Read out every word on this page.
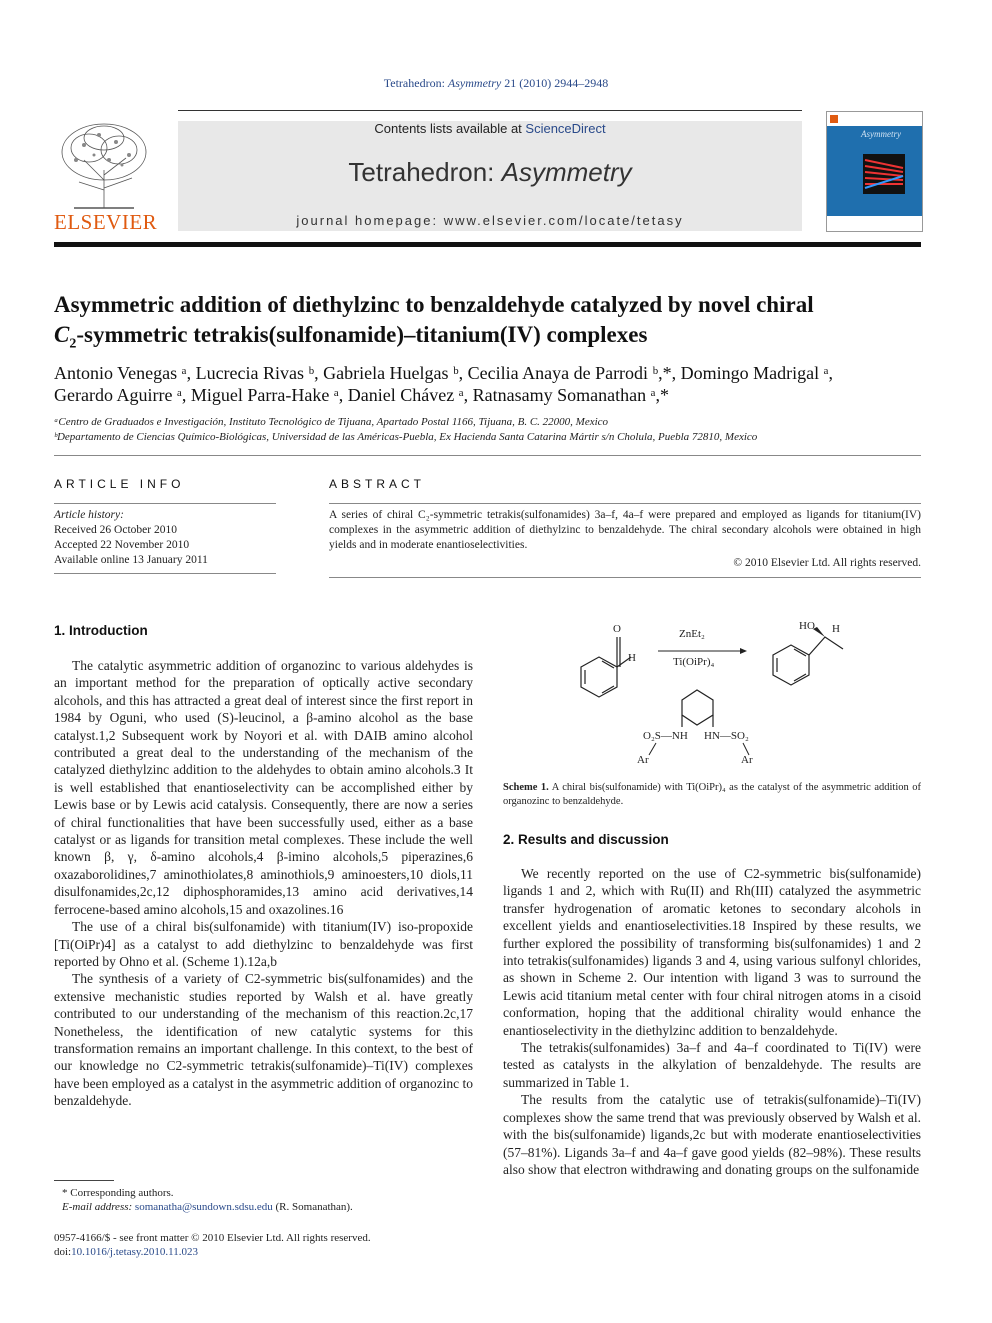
Tetrahedron: Asymmetry 21 (2010) 2944–2948
ELSEVIER
Contents lists available at ScienceDirect
Tetrahedron: Asymmetry
journal homepage: www.elsevier.com/locate/tetasy
Tetrahedron:
Asymmetry
Asymmetric addition of diethylzinc to benzaldehyde catalyzed by novel chiral
$C_2$-symmetric tetrakis(sulfonamide)–titanium(IV) complexes
Antonio Venegas ᵃ, Lucrecia Rivas ᵇ, Gabriela Huelgas ᵇ, Cecilia Anaya de Parrodi ᵇ,*, Domingo Madrigal ᵃ,
Gerardo Aguirre ᵃ, Miguel Parra-Hake ᵃ, Daniel Chávez ᵃ, Ratnasamy Somanathan ᵃ,*
ᵃCentro de Graduados e Investigación, Instituto Tecnológico de Tijuana, Apartado Postal 1166, Tijuana, B. C. 22000, Mexico
ᵇDepartamento de Ciencias Químico-Biológicas, Universidad de las Américas-Puebla, Ex Hacienda Santa Catarina Mártir s/n Cholula, Puebla 72810, Mexico
ARTICLE INFO
Article history:
Received 26 October 2010
Accepted 22 November 2010
Available online 13 January 2011
ABSTRACT
A series of chiral C₂-symmetric tetrakis(sulfonamides) 3a–f, 4a–f were prepared and employed as ligands for titanium(IV) complexes in the asymmetric addition of diethylzinc to benzaldehyde. The chiral secondary alcohols were obtained in high yields and in moderate enantioselectivities.
© 2010 Elsevier Ltd. All rights reserved.
1. Introduction

The catalytic asymmetric addition of organozinc to various aldehydes is an important method for the preparation of optically active secondary alcohols, and this has attracted a great deal of interest since the first report in 1984 by Oguni, who used (S)-leucinol, a β-amino alcohol as the base catalyst.1,2 Subsequent work by Noyori et al. with DAIB amino alcohol contributed a great deal to the understanding of the mechanism of the catalyzed diethylzinc addition to the aldehydes to obtain amino alcohols.3 It is well established that enantioselectivity can be accomplished either by Lewis base or by Lewis acid catalysis. Consequently, there are now a series of chiral functionalities that have been successfully used, either as a base catalyst or as ligands for transition metal complexes. These include the well known β, γ, δ-amino alcohols,4 β-imino alcohols,5 piperazines,6 oxazaborolidines,7 aminothiolates,8 aminothiols,9 aminoesters,10 diols,11 disulfonamides,2c,12 diphosphoramides,13 amino acid derivatives,14 ferrocene-based amino alcohols,15 and oxazolines.16

The use of a chiral bis(sulfonamide) with titanium(IV) iso-propoxide [Ti(OiPr)4] as a catalyst to add diethylzinc to benzaldehyde was first reported by Ohno et al. (Scheme 1).12a,b

The synthesis of a variety of C2-symmetric bis(sulfonamides) and the extensive mechanistic studies reported by Walsh et al. have greatly contributed to our understanding of the mechanism of this reaction.2c,17 Nonetheless, the identification of new catalytic systems for this transformation remains an important challenge. In this context, to the best of our knowledge no C2-symmetric tetrakis(sulfonamide)–Ti(IV) complexes have been employed as a catalyst in the asymmetric addition of organozinc to benzaldehyde.

O
H
ZnEt₂
Ti(OiPr)₄
HO H
O₂S—NH HN—SO₂
Ar	Ar
Scheme 1. A chiral bis(sulfonamide) with Ti(OiPr)₄ as the catalyst of the asymmetric addition of organozinc to benzaldehyde.
2. Results and discussion

We recently reported on the use of C2-symmetric bis(sulfonamide) ligands 1 and 2, which with Ru(II) and Rh(III) catalyzed the asymmetric transfer hydrogenation of aromatic ketones to secondary alcohols in excellent yields and enantioselectivities.18 Inspired by these results, we further explored the possibility of transforming bis(sulfonamides) 1 and 2 into tetrakis(sulfonamides) ligands 3 and 4, using various sulfonyl chlorides, as shown in Scheme 2. Our intention with ligand 3 was to surround the Lewis acid titanium metal center with four chiral nitrogen atoms in a cisoid conformation, hoping that the additional chirality would enhance the enantioselectivity in the diethylzinc addition to benzaldehyde.

The tetrakis(sulfonamides) 3a–f and 4a–f coordinated to Ti(IV) were tested as catalysts in the alkylation of benzaldehyde. The results are summarized in Table 1.

The results from the catalytic use of tetrakis(sulfonamide)–Ti(IV) complexes show the same trend that was previously observed by Walsh et al. with the bis(sulfonamide) ligands,2c but with moderate enantioselectivities (57–81%). Ligands 3a–f and 4a–f gave good yields (82–98%). These results also show that electron withdrawing and donating groups on the sulfonamide

* Corresponding authors.
E-mail address: somanatha@sundown.sdsu.edu (R. Somanathan).
0957-4166/$ - see front matter © 2010 Elsevier Ltd. All rights reserved.
doi:10.1016/j.tetasy.2010.11.023
